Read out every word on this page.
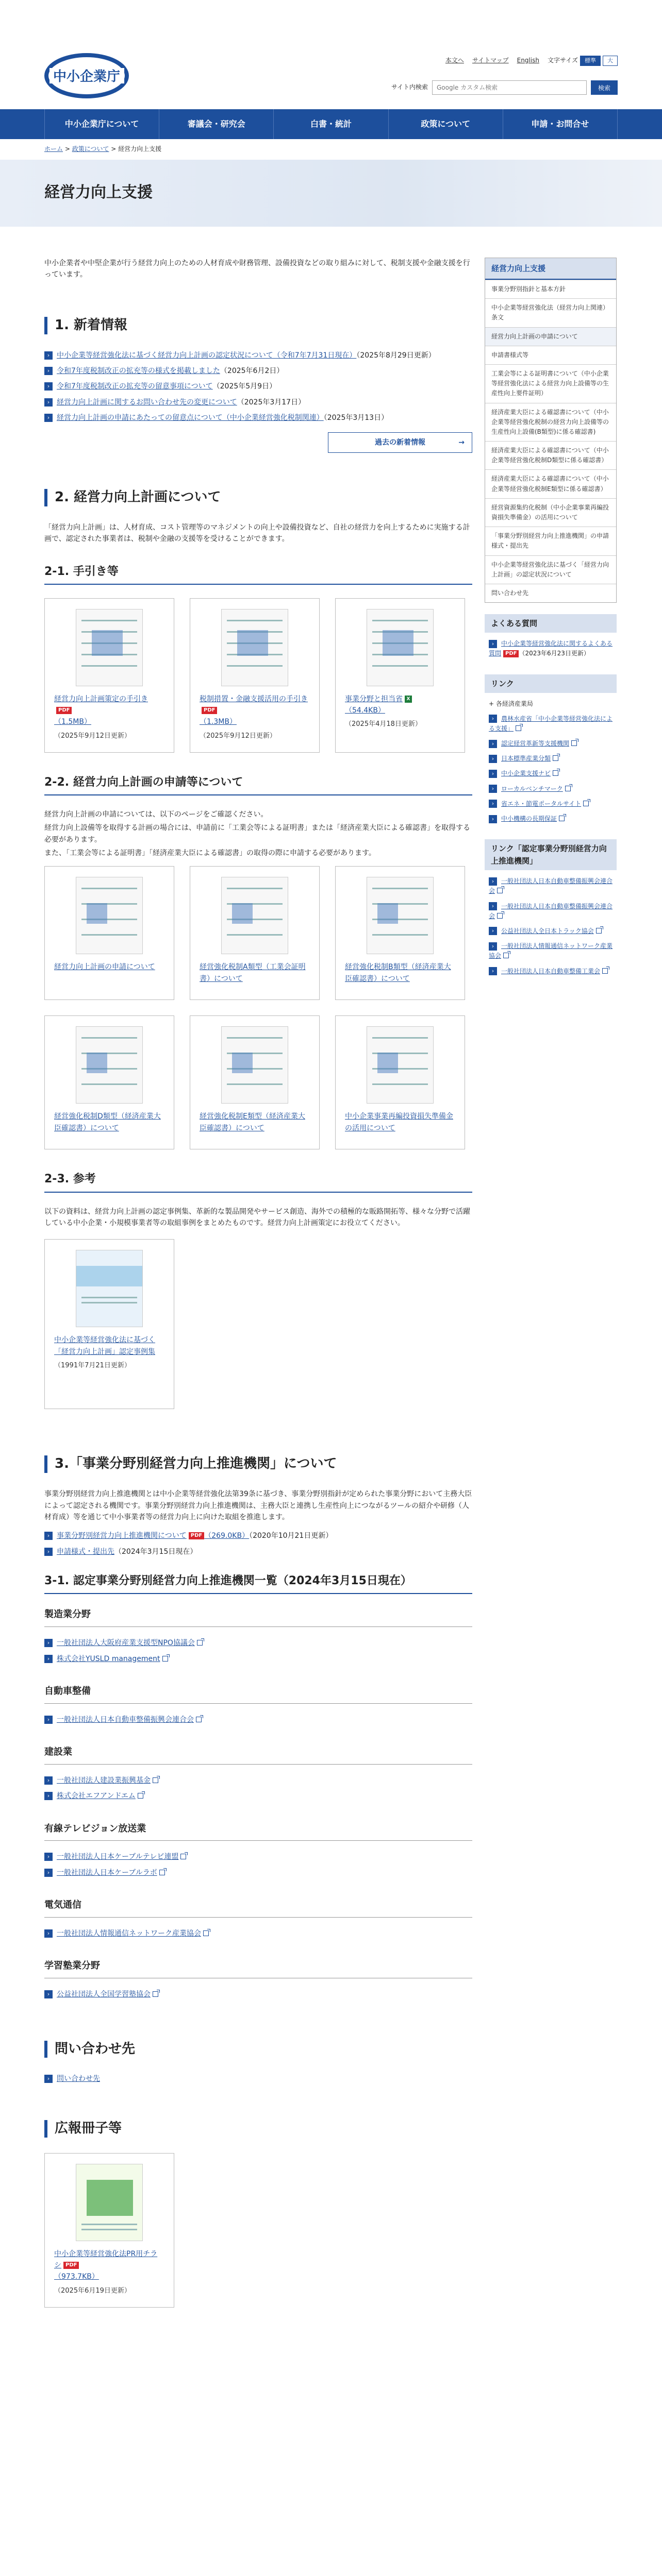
中小企業庁
本文へ サイトマップ English 文字サイズ	標準	大
サイト内検索
Google カスタム検索	検索
中小企業庁について	審議会・研究会	白書・統計	政策について	申請・お問合せ
ホーム > 政策について > 経営力向上支援
経営力向上支援

中小企業者や中堅企業が行う経営力向上のための人材育成や財務管理、設備投資などの取り組みに対して、税制支援や金融支援を行っています。

1. 新着情報
› 中小企業等経営強化法に基づく経営力向上計画の認定状況について（令和7年7月31日現在）（2025年8月29日更新）
› 令和7年度税制改正の拡充等の様式を掲載しました（2025年6月2日）
› 令和7年度税制改正の拡充等の留意事項について（2025年5月9日）
› 経営力向上計画に関するお問い合わせ先の変更について（2025年3月17日）
› 経営力向上計画の申請にあたっての留意点について（中小企業経営強化税制関連）（2025年3月13日）
過去の新着情報 →
2. 経営力向上計画について

「経営力向上計画」は、人材育成、コスト管理等のマネジメントの向上や設備投資など、自社の経営力を向上するために実施する計画で、認定された事業者は、税制や金融の支援等を受けることができます。

2-1. 手引き等
経営力向上計画策定の手引きPDF
（1.5MB）
（2025年9月12日更新）
税制措置・金融支援活用の手引きPDF
（1.3MB）
（2025年9月12日更新）
事業分野と担当省 X
（54.4KB）
（2025年4月18日更新）
2-2. 経営力向上計画の申請等について

経営力向上計画の申請については、以下のページをご確認ください。

経営力向上設備等を取得する計画の場合には、申請前に「工業会等による証明書」または「経済産業大臣による確認書」を取得する必要があります。

また、「工業会等による証明書」「経済産業大臣による確認書」の取得の際に申請する必要があります。

経営力向上計画の申請について	経営強化税制A類型（工業会証明書）について
経営強化税制B類型（経済産業大臣確認書）について
経営強化税制D類型（経済産業大臣確認書）について
経営強化税制E類型（経済産業大臣確認書）について
中小企業事業再編投資損失準備金の活用について
2-3. 参考

以下の資料は、経営力向上計画の認定事例集、革新的な製品開発やサービス創造、海外での積極的な販路開拓等、様々な分野で活躍している中小企業・小規模事業者等の取組事例をまとめたものです。経営力向上計画策定にお役立てください。

中小企業等経営強化法に基づく「経営力向上計画」認定事例集
（1991年7月21日更新）
3.「事業分野別経営力向上推進機関」について

事業分野別経営力向上推進機関とは中小企業等経営強化法第39条に基づき、事業分野別指針が定められた事業分野において主務大臣によって認定される機関です。事業分野別経営力向上推進機関は、主務大臣と連携し生産性向上につながるツールの紹介や研修（人材育成）等を通じて中小事業者等の経営力向上に向けた取組を推進します。

› 事業分野別経営力向上推進機関について PDF （269.0KB）（2020年10月21日更新）
› 申請様式・提出先（2024年3月15日現在）
3-1. 認定事業分野別経営力向上推進機関一覧（2024年3月15日現在）
製造業分野
› 一般社団法人大阪府産業支援型NPO協議会
› 株式会社YUSLD management
自動車整備
› 一般社団法人日本自動車整備振興会連合会
建設業
› 一般社団法人建設業振興基金
› 株式会社エフアンドエム
有線テレビジョン放送業
› 一般社団法人日本ケーブルテレビ連盟
› 一般社団法人日本ケーブルラボ
電気通信
› 一般社団法人情報通信ネットワーク産業協会
学習塾業分野
› 公益社団法人全国学習塾協会
問い合わせ先
› 問い合わせ先
広報冊子等
中小企業等経営強化法PR用チラシ PDF
（973.7KB）
（2025年6月19日更新）
経営力向上支援
事業分野別指針と基本方針
中小企業等経営強化法（経営力向上関連）条文
経営力向上計画の申請について
申請書様式等
工業会等による証明書について（中小企業等経営強化法による経営力向上設備等の生産性向上要件証明）
経済産業大臣による確認書について（中小企業等経営強化税制の経営力向上設備等の生産性向上設備(B類型)に係る確認書)
経済産業大臣による確認書について（中小企業等経営強化税制D類型に係る確認書）
経済産業大臣による確認書について（中小企業等経営強化税制E類型に係る確認書）
経営資源集約化税制（中小企業事業再編投資損失準備金）の活用について
「事業分野別経営力向上推進機関」の申請様式・提出先
中小企業等経営強化法に基づく「経営力向上計画」の認定状況について
問い合わせ先
よくある質問
› 中小企業等経営強化法に関するよくある質問 PDF （2023年6月23日更新）
リンク
+ 各経済産業局
› 農林水産省「中小企業等経営強化法による支援」
› 認定経営革新等支援機関
› 日本標準産業分類
› 中小企業支援ナビ
› ローカルベンチマーク
› 省エネ・節電ポータルサイト
› 中小機構の長期保証
リンク「認定事業分野別経営力向上推進機関」
› 一般社団法人日本自動車整備振興会連合会
› 一般社団法人日本自動車整備振興会連合会
› 公益社団法人全日本トラック協会
› 一般社団法人情報通信ネットワーク産業協会
› 一般社団法人日本自動車整備工業会
